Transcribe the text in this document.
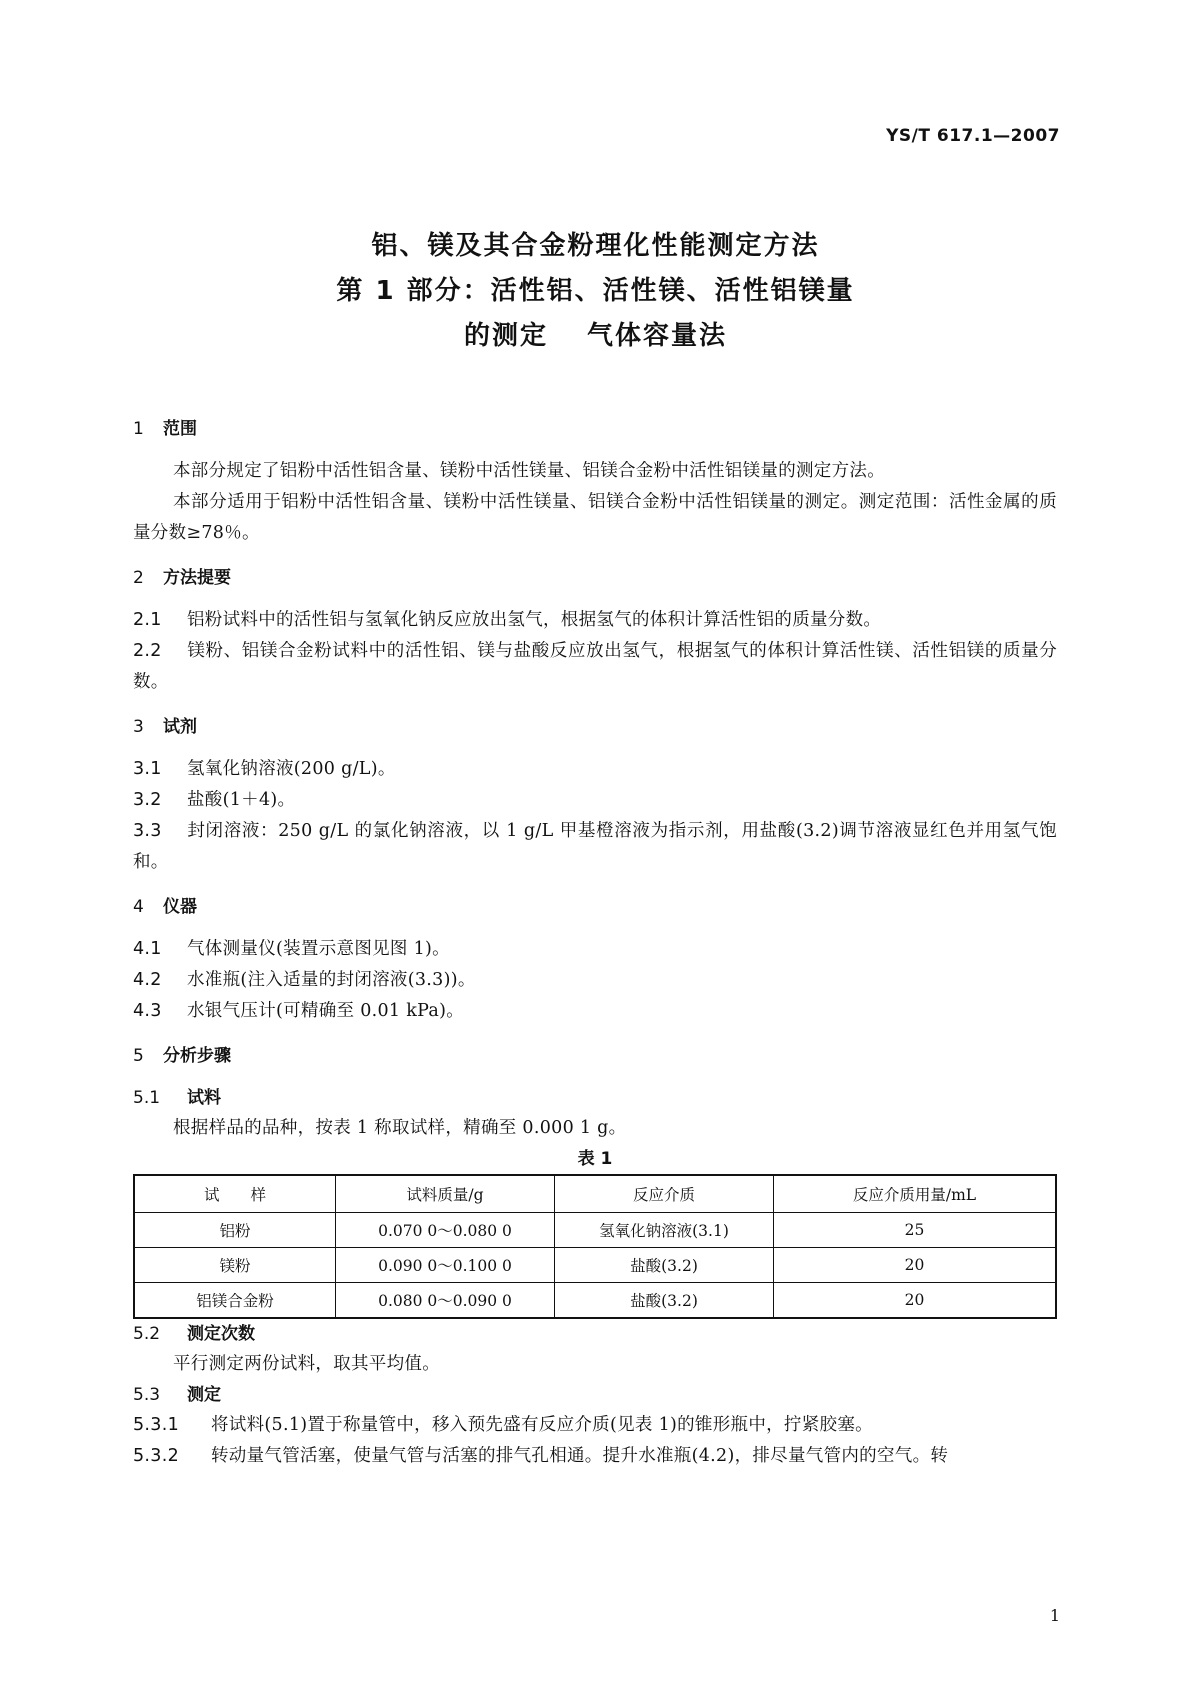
YS/T 617.1—2007
铝、镁及其合金粉理化性能测定方法
第 1 部分：活性铝、活性镁、活性铝镁量
的测定　 气体容量法

1 范围

本部分规定了铝粉中活性铝含量、镁粉中活性镁量、铝镁合金粉中活性铝镁量的测定方法。

本部分适用于铝粉中活性铝含量、镁粉中活性镁量、铝镁合金粉中活性铝镁量的测定。测定范围：活性金属的质量分数≥78％。

2 方法提要

2.1 铝粉试料中的活性铝与氢氧化钠反应放出氢气，根据氢气的体积计算活性铝的质量分数。

2.2 镁粉、铝镁合金粉试料中的活性铝、镁与盐酸反应放出氢气，根据氢气的体积计算活性镁、活性铝镁的质量分数。

3 试剂

3.1 氢氧化钠溶液(200 g/L)。

3.2 盐酸(1＋4)。

3.3 封闭溶液：250 g/L 的氯化钠溶液，以 1 g/L 甲基橙溶液为指示剂，用盐酸(3.2)调节溶液显红色并用氢气饱和。

4 仪器

4.1 气体测量仪(装置示意图见图 1)。

4.2 水准瓶(注入适量的封闭溶液(3.3))。

4.3 水银气压计(可精确至 0.01 kPa)。

5 分析步骤

5.1 试料

根据样品的品种，按表 1 称取试样，精确至 0.000 1 g。

表 1

试　　样	试料质量/g	反应介质	反应介质用量/mL
铝粉	0.070 0～0.080 0	氢氧化钠溶液(3.1)	25
镁粉	0.090 0～0.100 0	盐酸(3.2)	20
铝镁合金粉	0.080 0～0.090 0	盐酸(3.2)	20

5.2 测定次数

平行测定两份试料，取其平均值。

5.3 测定

5.3.1 将试料(5.1)置于称量管中，移入预先盛有反应介质(见表 1)的锥形瓶中，拧紧胶塞。

5.3.2 转动量气管活塞，使量气管与活塞的排气孔相通。提升水准瓶(4.2)，排尽量气管内的空气。转

1
